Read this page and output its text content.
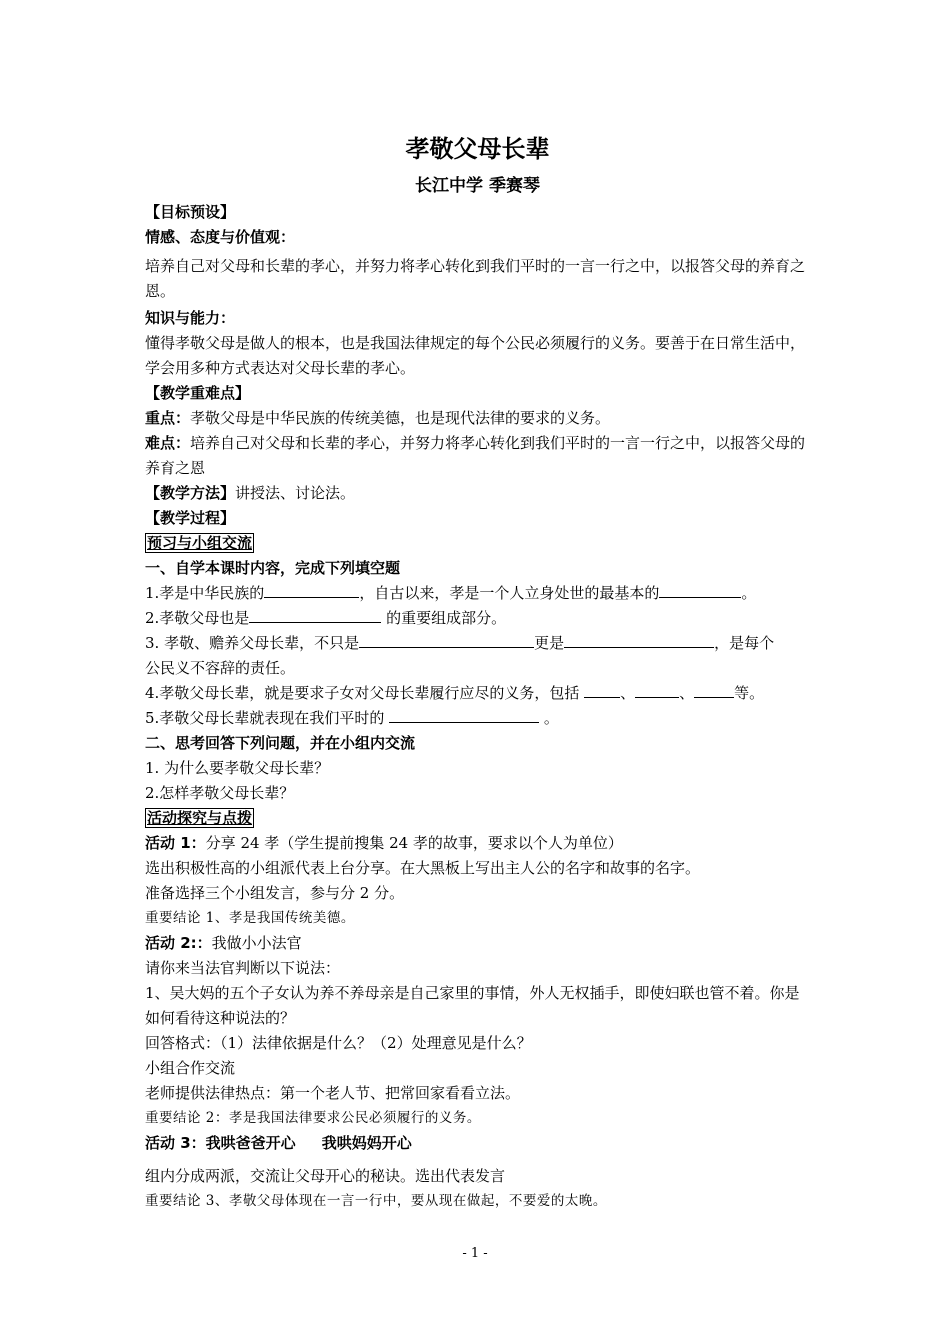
孝敬父母长辈
长江中学 季赛琴
【目标预设】
情感、态度与价值观：
培养自己对父母和长辈的孝心，并努力将孝心转化到我们平时的一言一行之中，以报答父母的养育之恩。
知识与能力：
懂得孝敬父母是做人的根本，也是我国法律规定的每个公民必须履行的义务。要善于在日常生活中，学会用多种方式表达对父母长辈的孝心。
【教学重难点】
重点：孝敬父母是中华民族的传统美德，也是现代法律的要求的义务。
难点：培养自己对父母和长辈的孝心，并努力将孝心转化到我们平时的一言一行之中，以报答父母的养育之恩
【教学方法】讲授法、讨论法。
【教学过程】
预习与小组交流
一、自学本课时内容，完成下列填空题
1.孝是中华民族的	，自古以来，孝是一个人立身处世的最基本的	。
2.孝敬父母也是	的重要组成部分。
3. 孝敬、赡养父母长辈，不只是	更是	，是每个
公民义不容辞的责任。
4.孝敬父母长辈，就是要求子女对父母长辈履行应尽的义务，包括	、	、	等。
5.孝敬父母长辈就表现在我们平时的	。
二、思考回答下列问题，并在小组内交流
1. 为什么要孝敬父母长辈？
2.怎样孝敬父母长辈？
活动探究与点拨
活动 1：分享 24 孝（学生提前搜集 24 孝的故事，要求以个人为单位）
选出积极性高的小组派代表上台分享。在大黑板上写出主人公的名字和故事的名字。
准备选择三个小组发言，参与分 2 分。
重要结论 1、孝是我国传统美德。
活动 2:：我做小小法官
请你来当法官判断以下说法：
1、吴大妈的五个子女认为养不养母亲是自己家里的事情，外人无权插手，即使妇联也管不着。你是如何看待这种说法的？
回答格式：（1）法律依据是什么？（2）处理意见是什么？
小组合作交流
老师提供法律热点：第一个老人节、把常回家看看立法。
重要结论 2：孝是我国法律要求公民必须履行的义务。
活动 3：我哄爸爸开心     我哄妈妈开心
组内分成两派，交流让父母开心的秘诀。选出代表发言
重要结论 3、孝敬父母体现在一言一行中，要从现在做起，不要爱的太晚。
- 1 -
